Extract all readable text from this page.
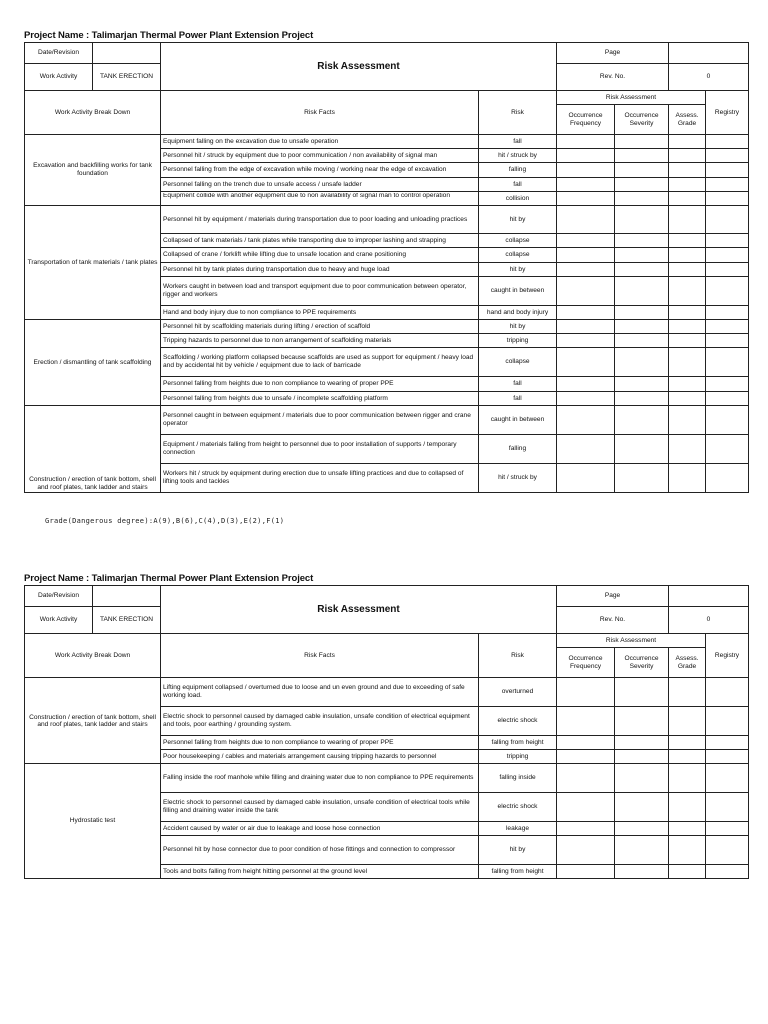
Project Name : Talimarjan Thermal Power Plant Extension Project
Date/Revision		Risk Assessment		Page			
Work Activity	TANK ERECTION			Rev. No.		0	
Work Activity Break Down		Risk Facts	Risk	Risk Assessment			Registry
				Occurrence Frequency	Occurrence Severity	Assess. Grade	
Excavation and backfilling works for tank foundation		Equipment falling on the excavation due to unsafe operation	fall				
		Personnel hit / struck by equipment due to poor communication / non availability of signal man	hit / struck by				
		Personnel falling from the edge of excavation while moving / working near the edge of excavation	falling				
		Personnel falling on the trench due to unsafe access / unsafe ladder	fall				

		Equipment collide with another equipment due to non availability of signal man to control operation	collision				
Transportation of tank materials / tank plates		Personnel hit by equipment / materials during transportation due to poor loading and unloading practices	hit by				
		Collapsed of tank materials / tank plates while transporting due to improper lashing and strapping	collapse				
		Collapsed of crane / forklift while lifting due to unsafe location and crane positioning	collapse				
		Personnel hit by tank plates during transportation due to heavy and huge load	hit by				
		Workers caught in between load and transport equipment due to poor communication between operator, rigger and workers	caught in between				
		Hand and body injury due to non compliance to PPE requirements	hand and body injury				
Erection / dismantling of tank scaffolding		Personnel hit by scaffolding materials during lifting / erection of scaffold	hit by				
		Tripping hazards to personnel due to non arrangement of scaffolding materials	tripping				
		Scaffolding / working platform collapsed because scaffolds are used as support for equipment / heavy load and by accidental hit by vehicle / equipment due to lack of barricade	collapse				
		Personnel falling from heights due to non compliance to wearing of proper PPE	fall				
		Personnel falling from heights due to unsafe / incomplete scaffolding platform	fall				

Construction / erection of tank bottom, shell and roof plates, tank ladder and stairs		Personnel caught in between equipment / materials due to poor communication between rigger and crane operator	caught in between				
		Equipment / materials falling from height to personnel due to poor installation of supports / temporary connection	falling				
		Workers hit / struck by equipment during erection due to unsafe lifting practices and due to collapsed of lifting tools and tackles	hit / struck by				
Grade(Dangerous degree):A(9),B(6),C(4),D(3),E(2),F(1)
Project Name : Talimarjan Thermal Power Plant Extension Project
Date/Revision		Risk Assessment		Page			
Work Activity	TANK ERECTION			Rev. No.		0	
Work Activity Break Down		Risk Facts	Risk	Risk Assessment			Registry
				Occurrence Frequency	Occurrence Severity	Assess. Grade	

Construction / erection of tank bottom, shell and roof plates, tank ladder and stairs		Lifting equipment collapsed / overturned due to loose and un even ground and due to exceeding of safe working load.	overturned				
		Electric shock to personnel caused by damaged cable insulation, unsafe condition of electrical equipment and tools, poor earthing / grounding system.	electric shock				
		Personnel falling from heights due to non compliance to wearing of proper PPE	falling from height				
		Poor housekeeping / cables and materials arrangement causing tripping hazards to personnel	tripping				
Hydrostatic test		Falling inside the roof manhole while filling and draining water due to non compliance to PPE requirements	falling inside				
		Electric shock to personnel caused by damaged cable insulation, unsafe condition of electrical tools while filling and draining water inside the tank	electric shock				
		Accident caused by water or air due to leakage and loose hose connection	leakage				
		Personnel hit by hose connector due to poor condition of hose fittings and connection to compressor	hit by				
		Tools and bolts falling from height hitting personnel at the ground level	falling from height				
